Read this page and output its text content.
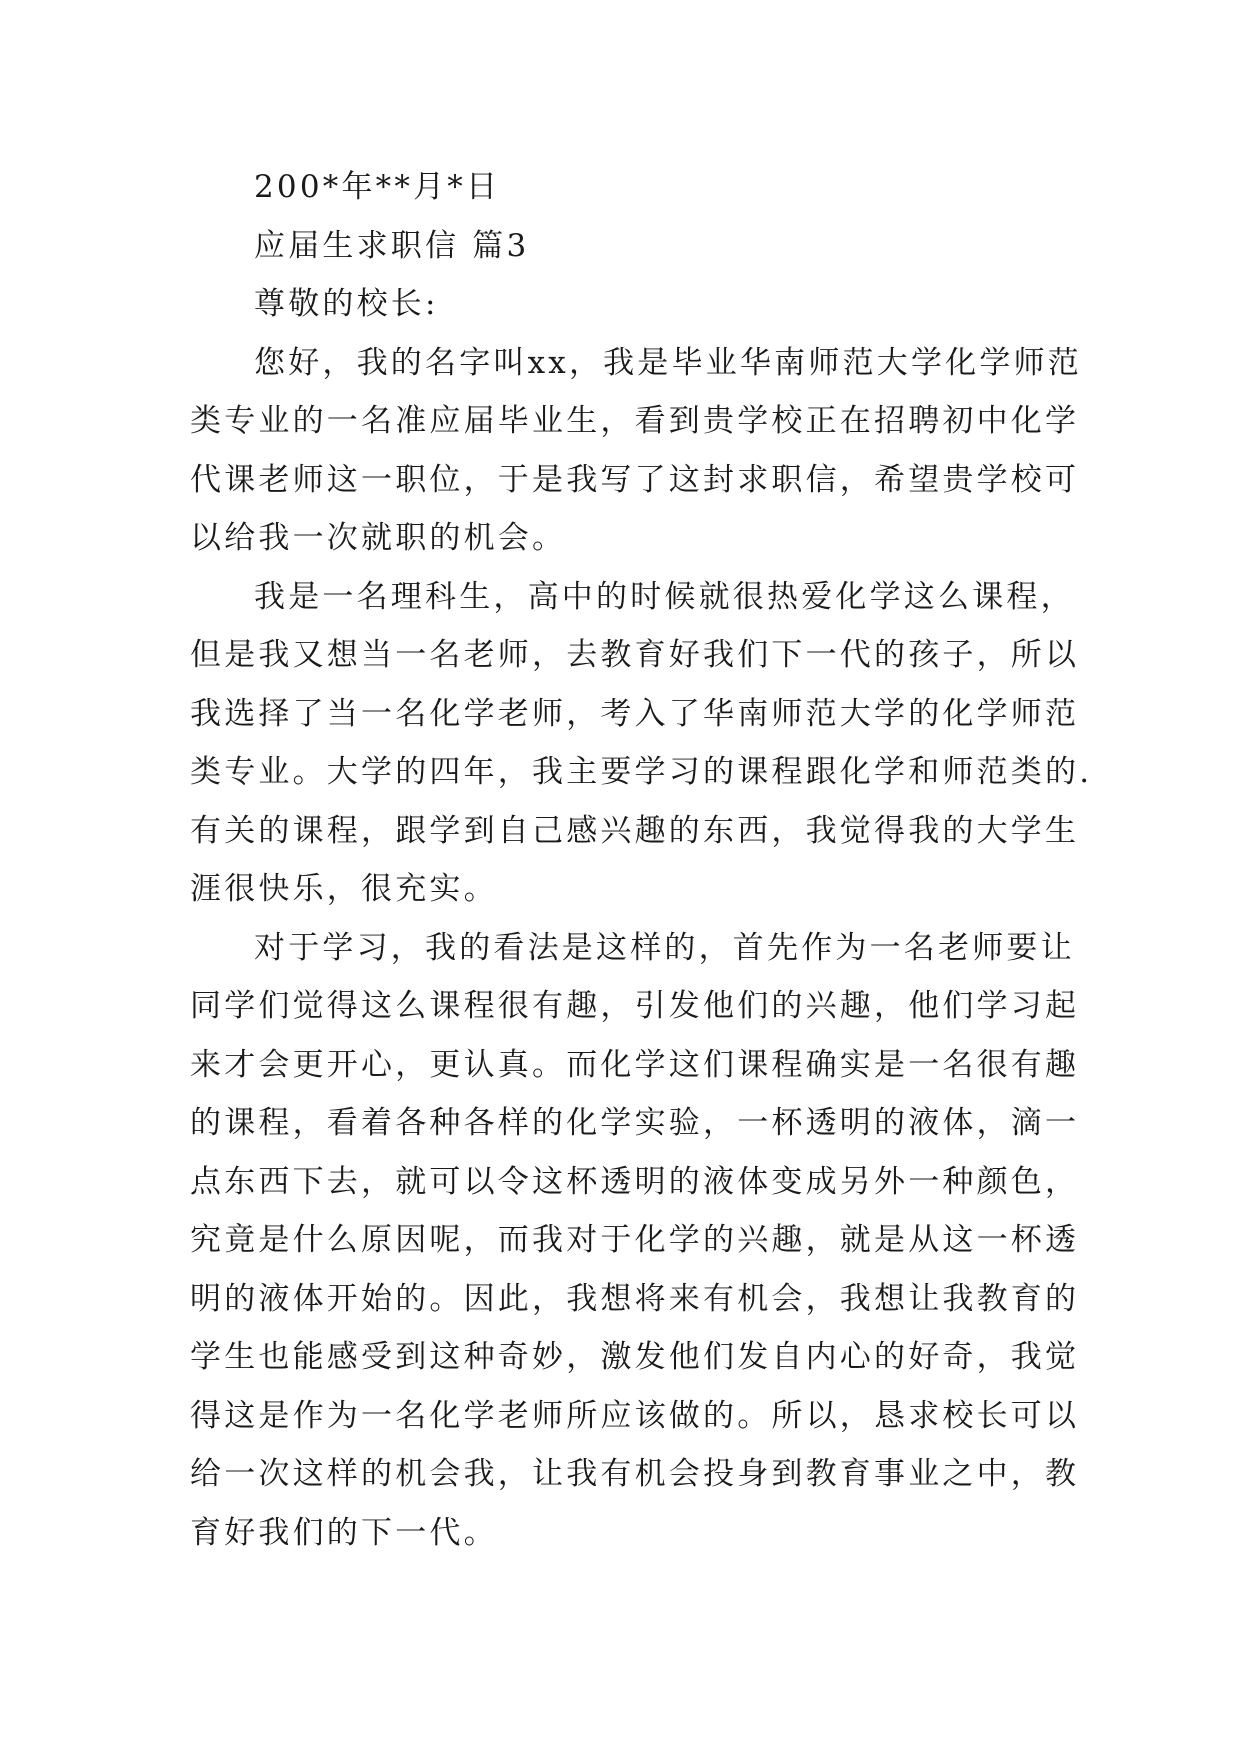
200*年**月*日
应届生求职信 篇3
尊敬的校长:
您好，我的名字叫xx，我是毕业华南师范大学化学师范
类专业的一名准应届毕业生，看到贵学校正在招聘初中化学
代课老师这一职位，于是我写了这封求职信，希望贵学校可
以给我一次就职的机会。
我是一名理科生，高中的时候就很热爱化学这么课程，
但是我又想当一名老师，去教育好我们下一代的孩子，所以
我选择了当一名化学老师，考入了华南师范大学的化学师范
类专业。大学的四年，我主要学习的课程跟化学和师范类的.
有关的课程，跟学到自己感兴趣的东西，我觉得我的大学生
涯很快乐，很充实。
对于学习，我的看法是这样的，首先作为一名老师要让
同学们觉得这么课程很有趣，引发他们的兴趣，他们学习起
来才会更开心，更认真。而化学这们课程确实是一名很有趣
的课程，看着各种各样的化学实验，一杯透明的液体，滴一
点东西下去，就可以令这杯透明的液体变成另外一种颜色，
究竟是什么原因呢，而我对于化学的兴趣，就是从这一杯透
明的液体开始的。因此，我想将来有机会，我想让我教育的
学生也能感受到这种奇妙，激发他们发自内心的好奇，我觉
得这是作为一名化学老师所应该做的。所以，恳求校长可以
给一次这样的机会我，让我有机会投身到教育事业之中，教
育好我们的下一代。
